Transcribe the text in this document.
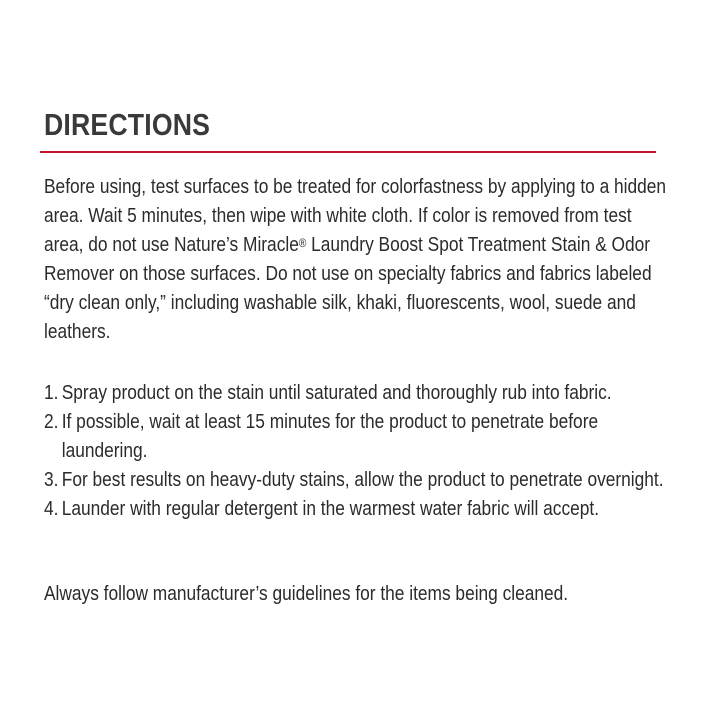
DIRECTIONS

Before using, test surfaces to be treated for colorfastness by applying to a hidden area. Wait 5 minutes, then wipe with white cloth. If color is removed from test area, do not use Nature’s Miracle® Laundry Boost Spot Treatment Stain & Odor Remover on those surfaces. Do not use on specialty fabrics and fabrics labeled “dry clean only,” including washable silk, khaki, fluorescents, wool, suede and leathers.

1. Spray product on the stain until saturated and thoroughly rub into fabric.
2. If possible, wait at least 15 minutes for the product to penetrate before laundering.
3. For best results on heavy-duty stains, allow the product to penetrate overnight.
4. Launder with regular detergent in the warmest water fabric will accept.

Always follow manufacturer’s guidelines for the items being cleaned.
